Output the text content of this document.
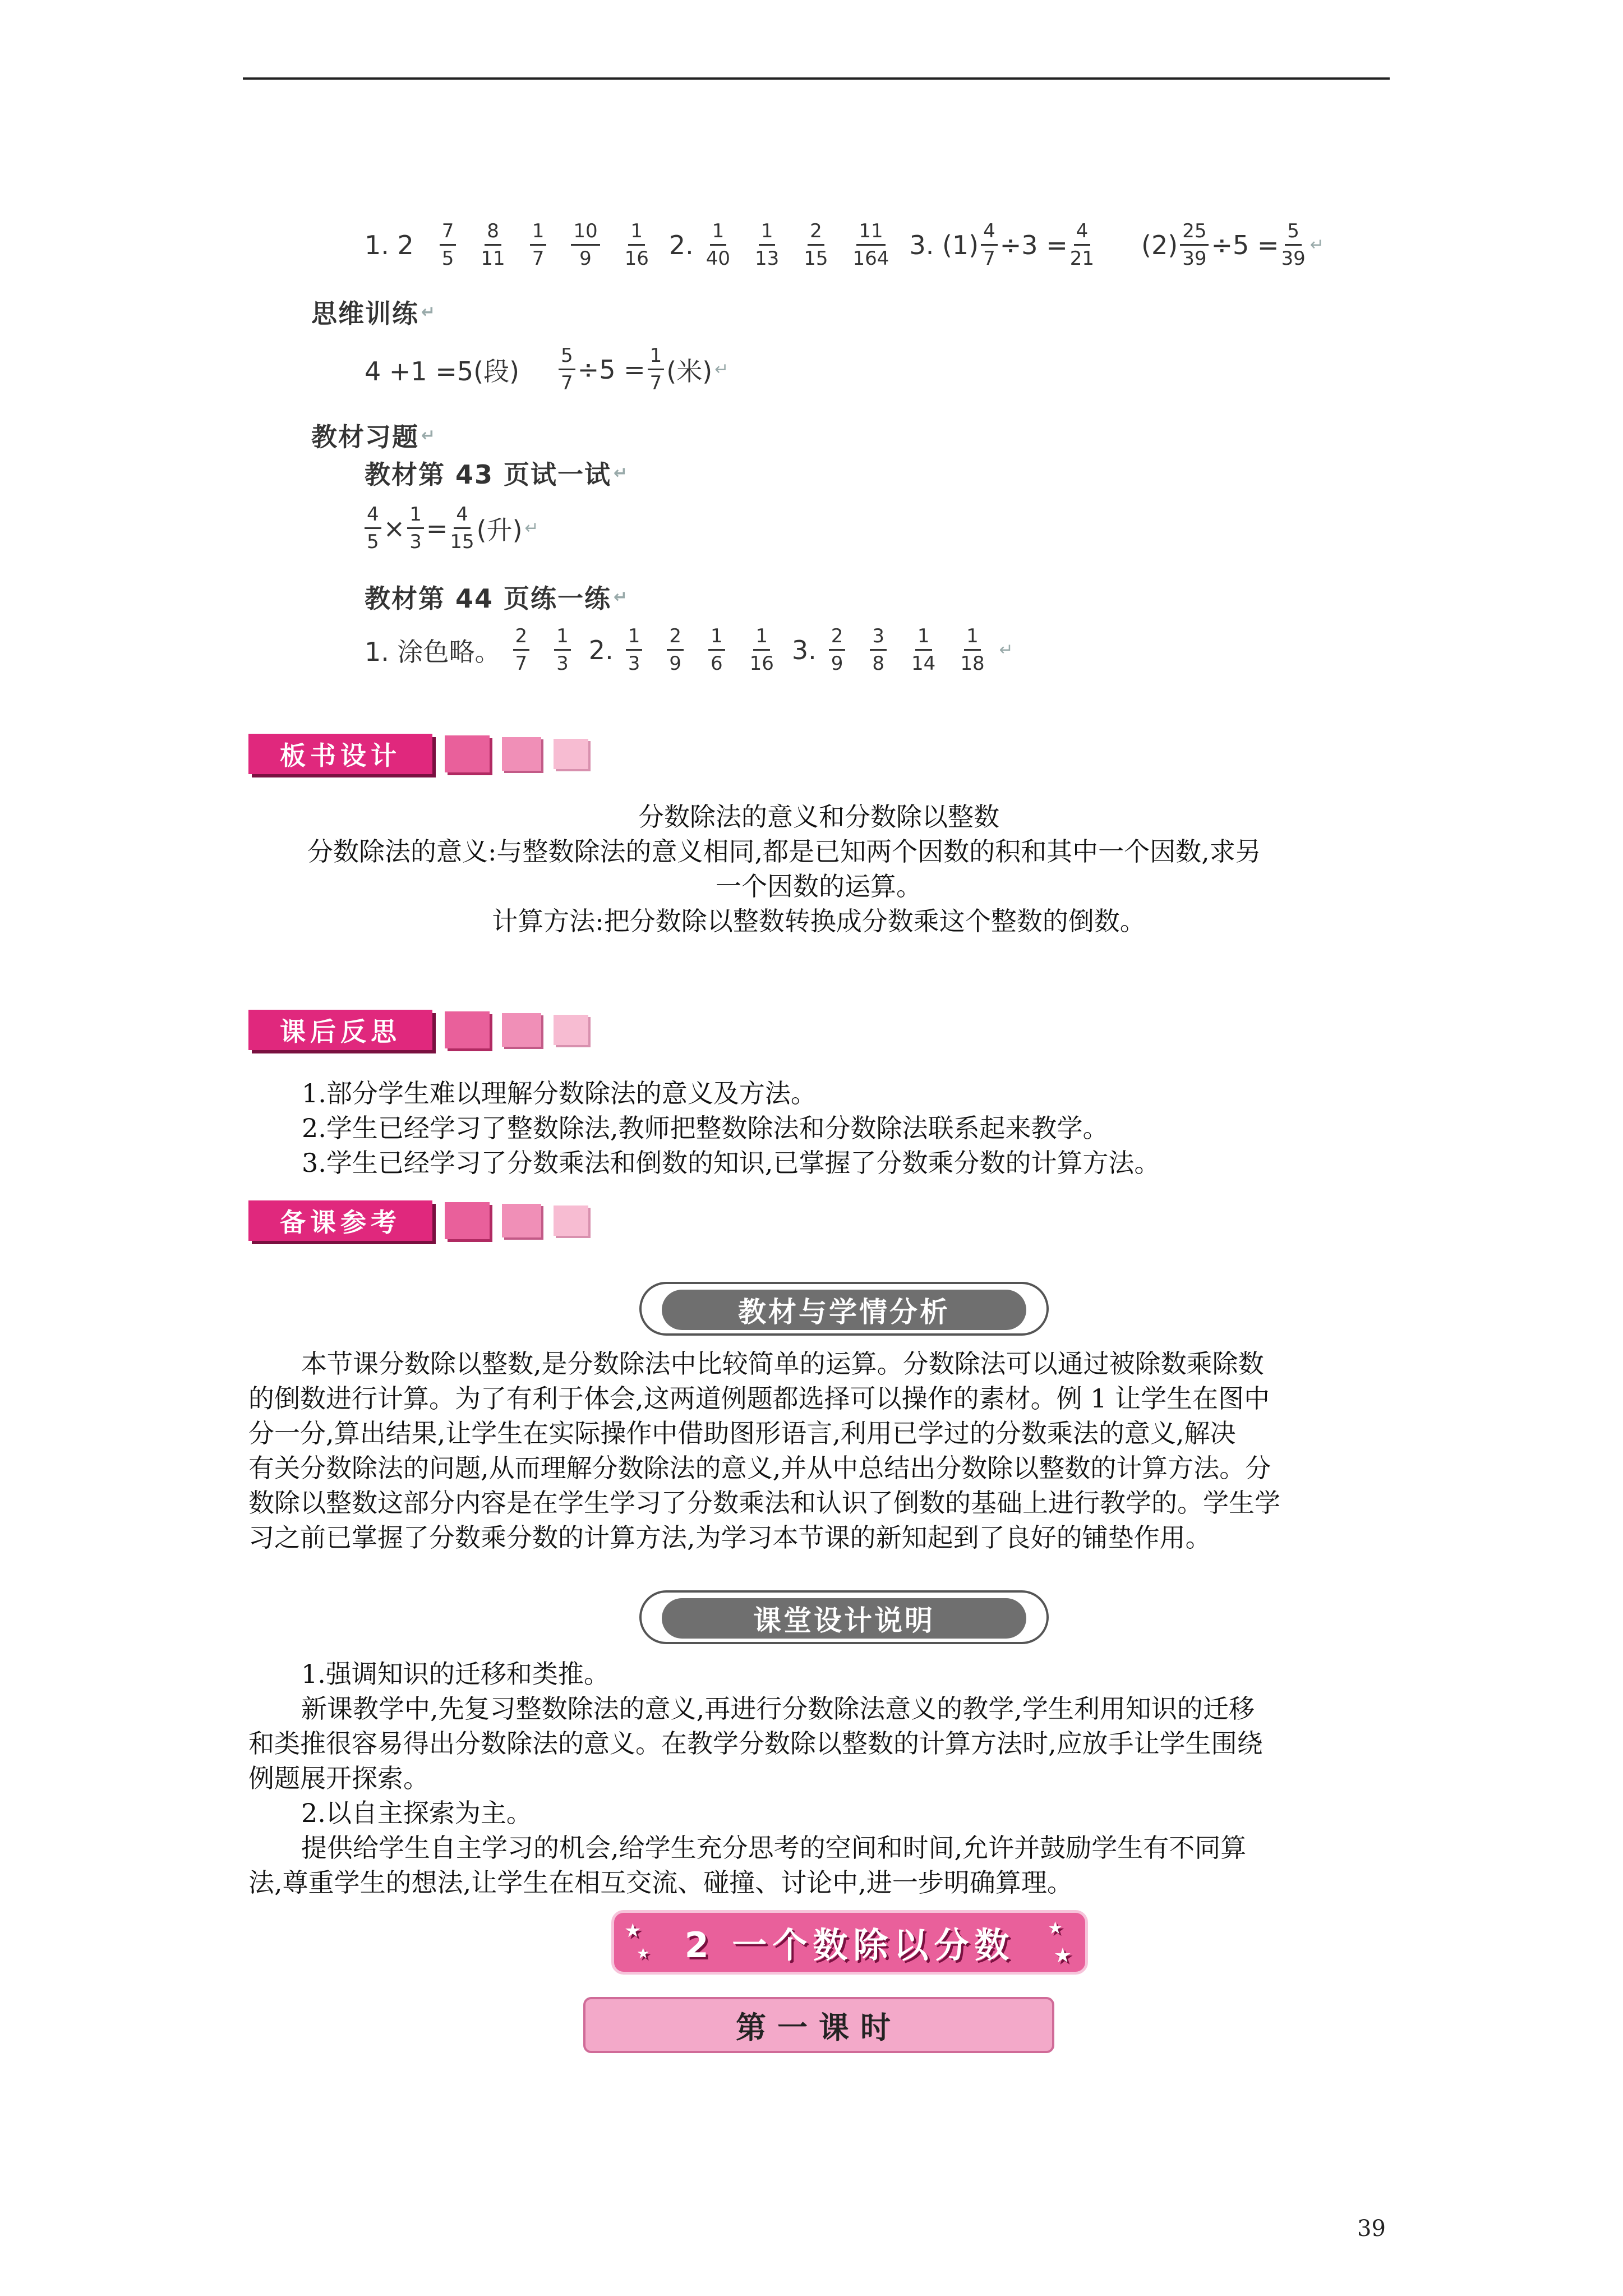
1. $2 \frac{7}{5} \frac{8}{11} \frac{1}{7} \frac{10}{9} \frac{1}{16} 2$. $\frac{1}{40} \frac{1}{13} \frac{2}{15} \frac{11}{164} 3$. $(1) \frac{4}{7} \div 3 = \frac{4}{21} (2) \frac{25}{39} \div 5 = \frac{5}{39}$ ↵
思维训练 ↵
4 +1 =5(段) $\frac{5}{7} \div 5 = \frac{1}{7}$ (米) ↵
教材习题 ↵
教材第 43 页试一试 ↵
$\frac{4}{5} \times \frac{1}{3} = \frac{4}{15}$ (升) ↵
教材第 44 页练一练 ↵
1. 涂色略。 $\frac{2}{7} \frac{1}{3} 2$. $\frac{1}{3} \frac{2}{9} \frac{1}{6} \frac{1}{16} 3$. $\frac{2}{9} \frac{3}{8} \frac{1}{14} \frac{1}{18}$ ↵
板书设计
分数除法的意义和分数除以整数
分数除法的意义:与整数除法的意义相同,都是已知两个因数的积和其中一个因数,求另
一个因数的运算。
计算方法:把分数除以整数转换成分数乘这个整数的倒数。
课后反思
1.部分学生难以理解分数除法的意义及方法。
2.学生已经学习了整数除法,教师把整数除法和分数除法联系起来教学。
3.学生已经学习了分数乘法和倒数的知识,已掌握了分数乘分数的计算方法。
备课参考
教材与学情分析
本节课分数除以整数,是分数除法中比较简单的运算。分数除法可以通过被除数乘除数
的倒数进行计算。为了有利于体会,这两道例题都选择可以操作的素材。例 1 让学生在图中
分一分,算出结果,让学生在实际操作中借助图形语言,利用已学过的分数乘法的意义,解决
有关分数除法的问题,从而理解分数除法的意义,并从中总结出分数除以整数的计算方法。分
数除以整数这部分内容是在学生学习了分数乘法和认识了倒数的基础上进行教学的。学生学
习之前已掌握了分数乘分数的计算方法,为学习本节课的新知起到了良好的铺垫作用。
课堂设计说明
1.强调知识的迁移和类推。
新课教学中,先复习整数除法的意义,再进行分数除法意义的教学,学生利用知识的迁移
和类推很容易得出分数除法的意义。在教学分数除以整数的计算方法时,应放手让学生围绕
例题展开探索。
2.以自主探索为主。
提供给学生自主学习的机会,给学生充分思考的空间和时间,允许并鼓励学生有不同算
法,尊重学生的想法,让学生在相互交流、碰撞、讨论中,进一步明确算理。
★
★
★
★
2 一个数除以分数
第一课时
39
